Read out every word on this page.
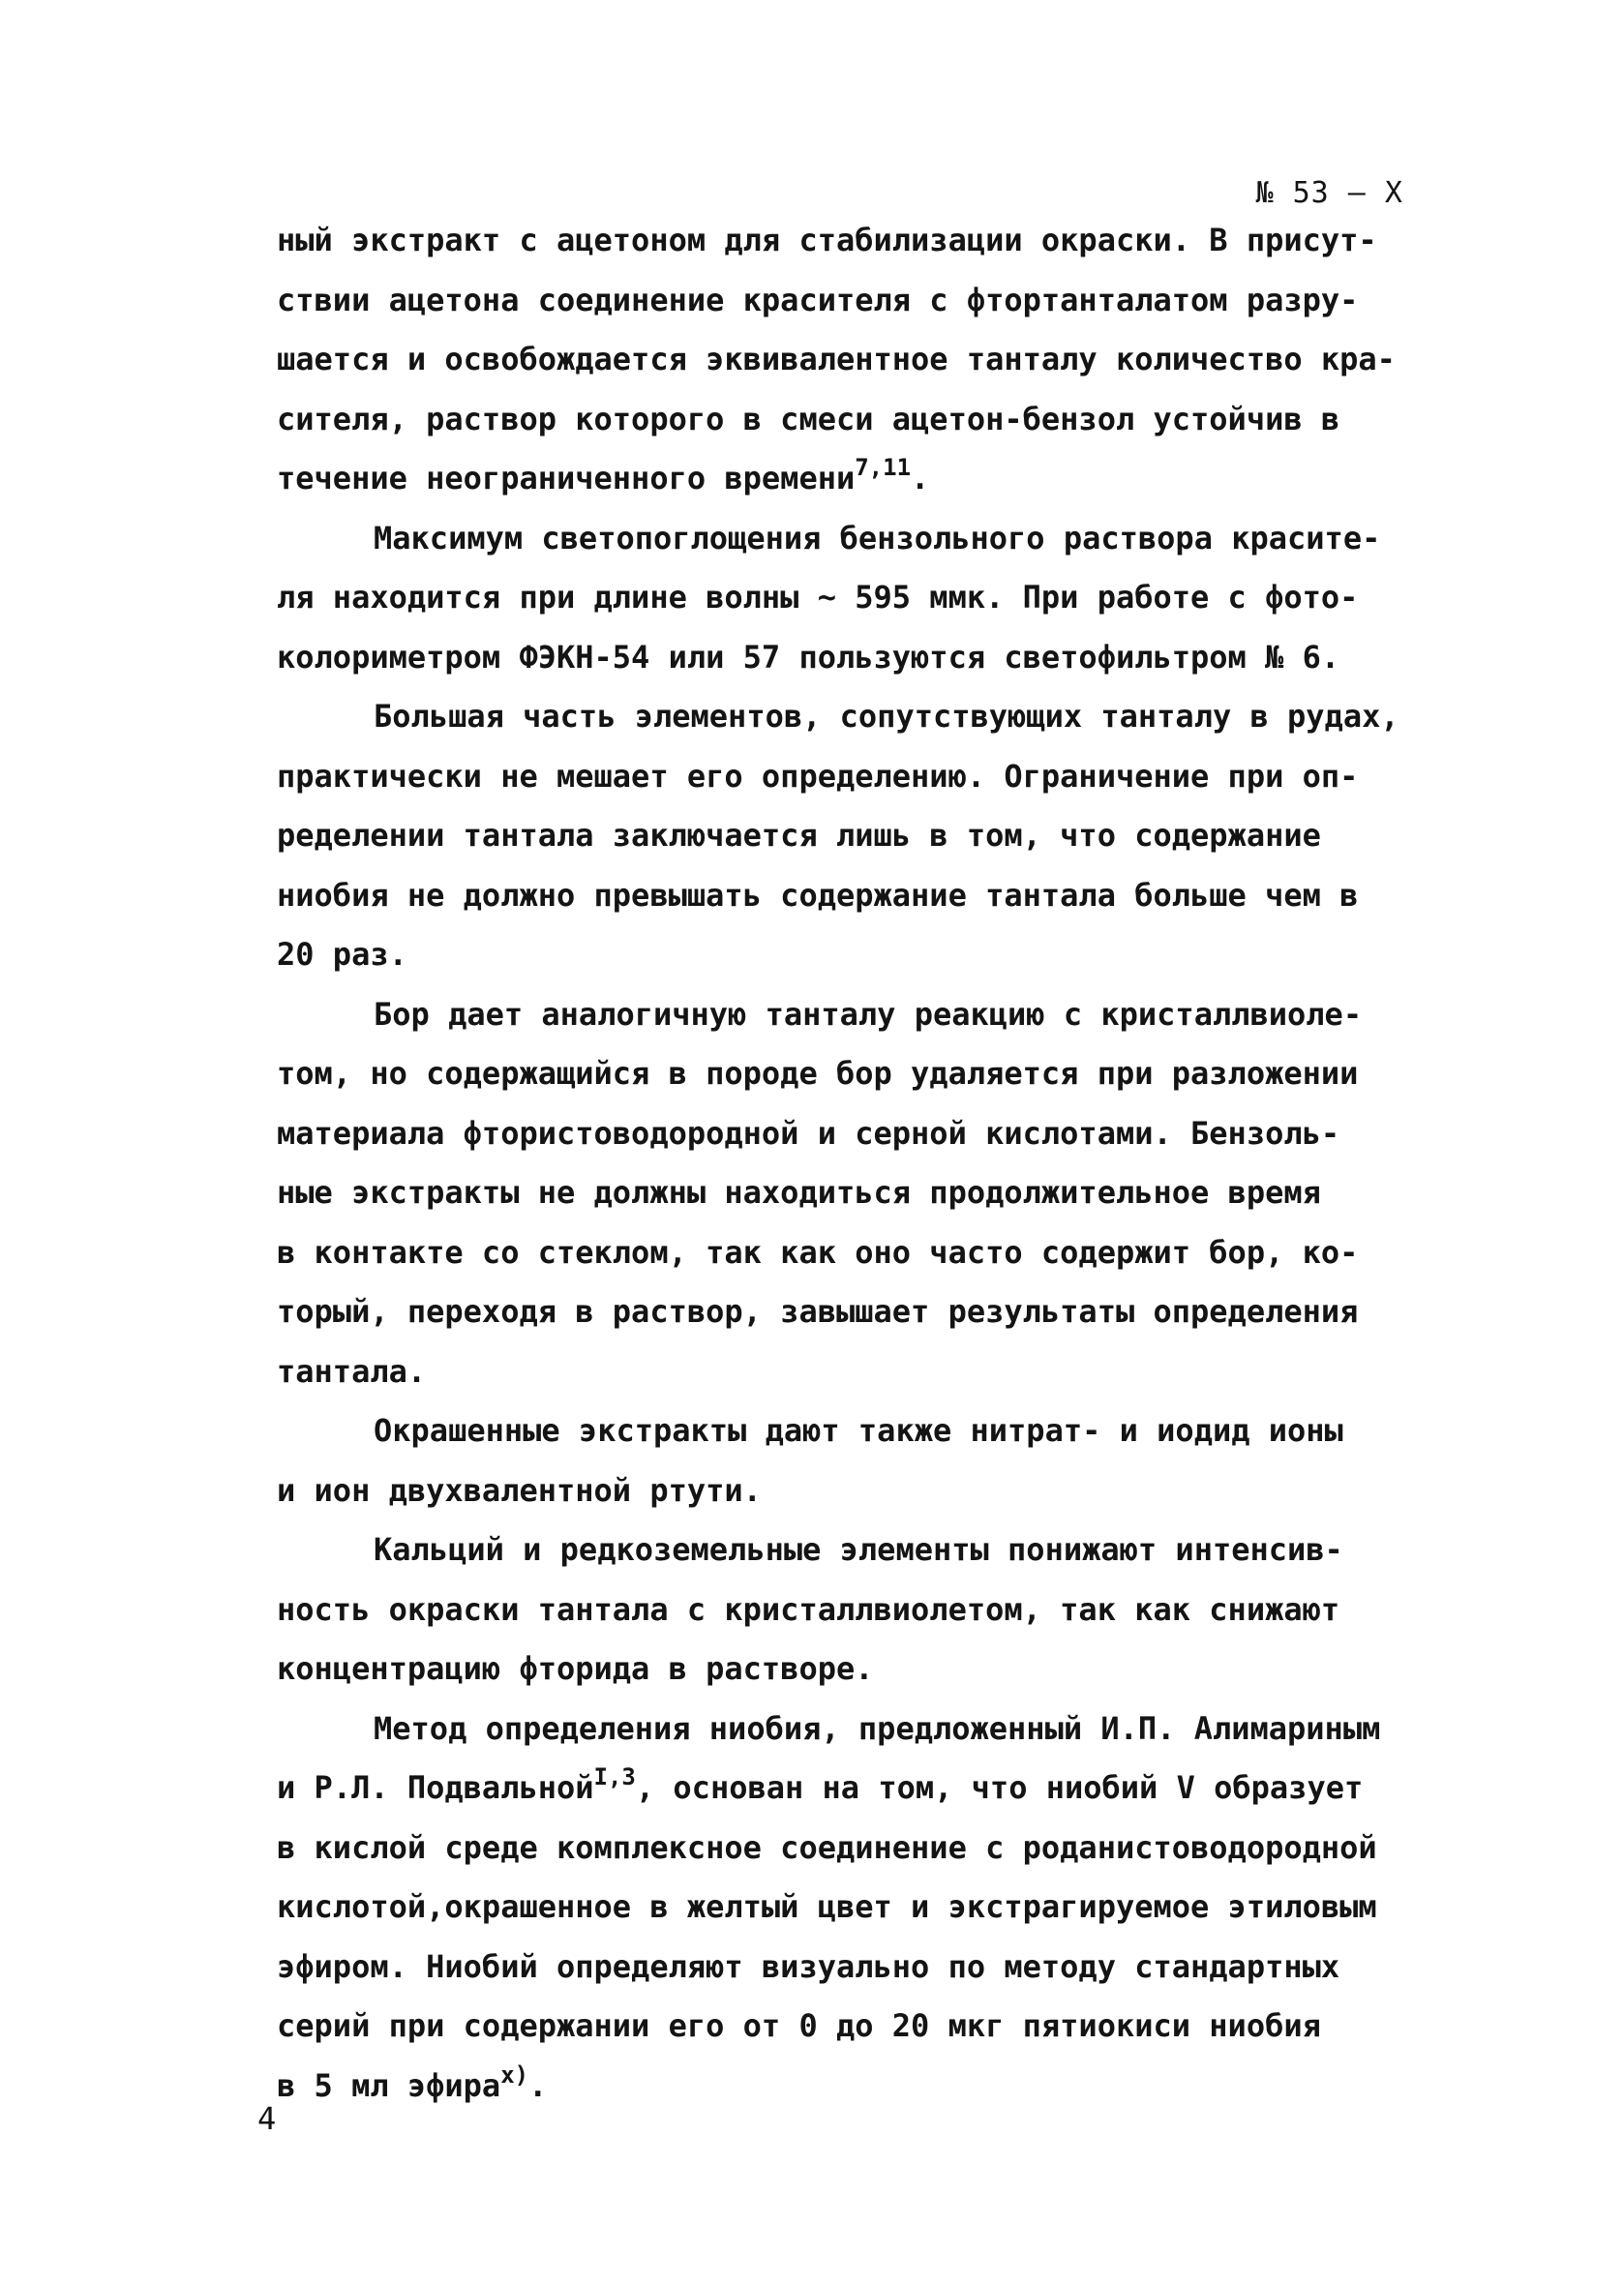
№ 53 – X
ный экстракт с ацетоном для стабилизации окраски. В присут-
ствии ацетона соединение красителя с фтортанталатом разру-
шается и освобождается эквивалентное танталу количество кра-
сителя, раствор которого в смеси ацетон-бензол устойчив в
течение неограниченного времени$^{7,11}$.
Максимум светопоглощения бензольного раствора красите-
ля находится при длине волны ~ 595 ммк. При работе с фото-
колориметром ФЭКН-54 или 57 пользуются светофильтром № 6.
Большая часть элементов, сопутствующих танталу в рудах,
практически не мешает его определению. Ограничение при оп-
ределении тантала заключается лишь в том, что содержание
ниобия не должно превышать содержание тантала больше чем в
20 раз.
Бор дает аналогичную танталу реакцию с кристаллвиоле-
том, но содержащийся в породе бор удаляется при разложении
материала фтористоводородной и серной кислотами. Бензоль-
ные экстракты не должны находиться продолжительное время
в контакте со стеклом, так как оно часто содержит бор, ко-
торый, переходя в раствор, завышает результаты определения
тантала.
Окрашенные экстракты дают также нитрат- и иодид ионы
и ион двухвалентной ртути.
Кальций и редкоземельные элементы понижают интенсив-
ность окраски тантала с кристаллвиолетом, так как снижают
концентрацию фторида в растворе.
Метод определения ниобия, предложенный И.П. Алимариным
и Р.Л. Подвальной$^{I,3}$, основан на том, что ниобий V образует
в кислой среде комплексное соединение с роданистоводородной
кислотой,окрашенное в желтый цвет и экстрагируемое этиловым
эфиром. Ниобий определяют визуально по методу стандартных
серий при содержании его от 0 до 20 мкг пятиокиси ниобия
в 5 мл эфира$^{x)}$.
4
